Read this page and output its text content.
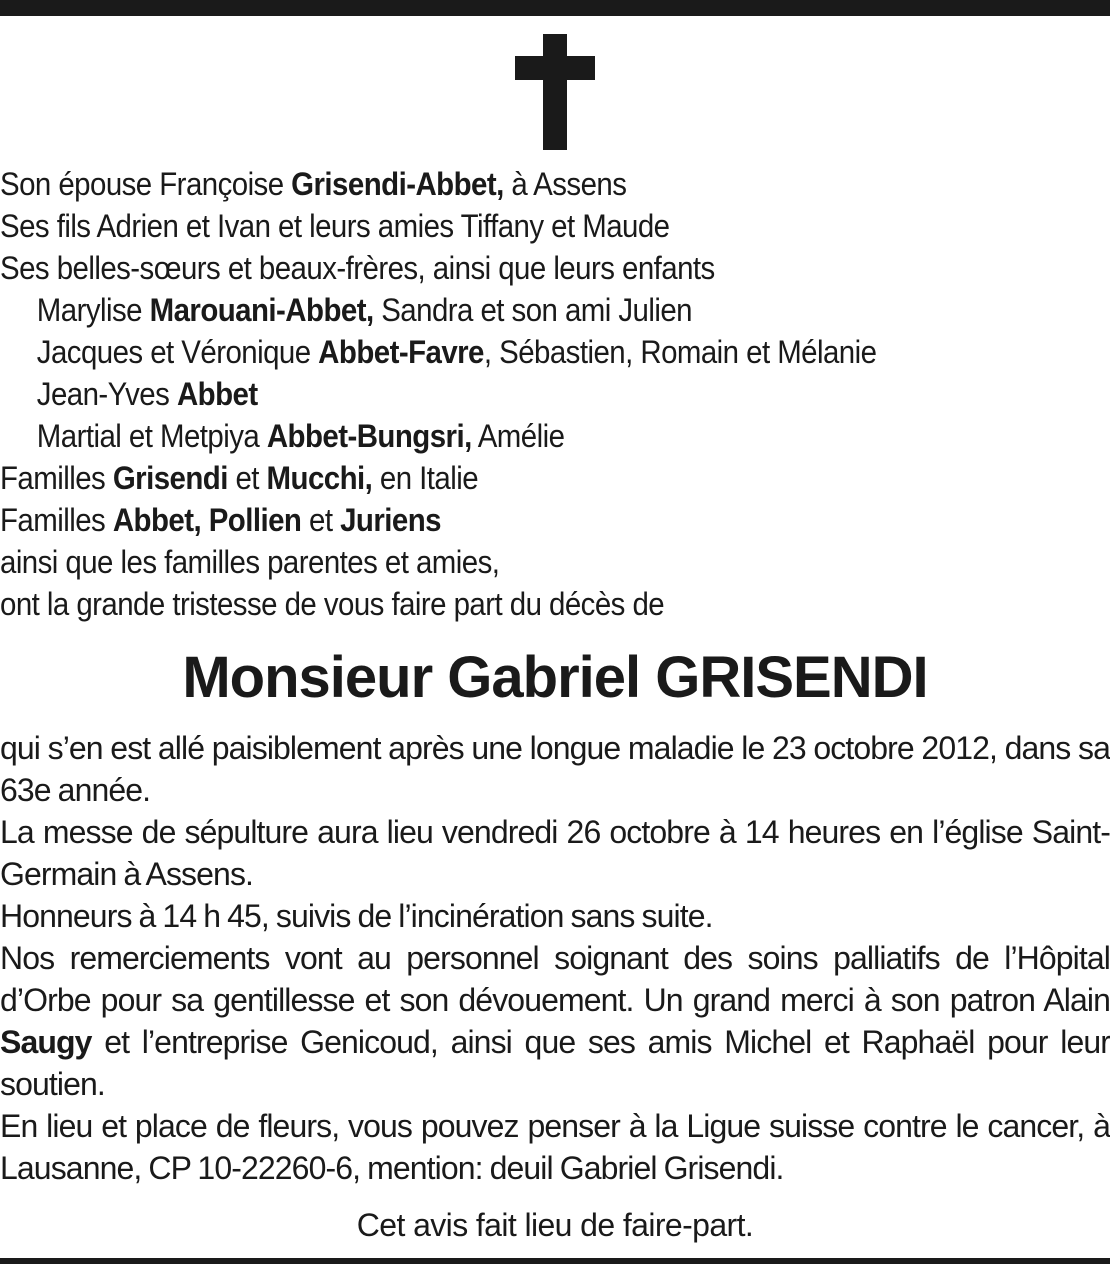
Son épouse Françoise Grisendi-Abbet, à Assens
Ses fils Adrien et Ivan et leurs amies Tiffany et Maude
Ses belles-sœurs et beaux-frères, ainsi que leurs enfants
Marylise Marouani-Abbet, Sandra et son ami Julien
Jacques et Véronique Abbet-Favre, Sébastien, Romain et Mélanie
Jean-Yves Abbet
Martial et Metpiya Abbet-Bungsri, Amélie
Familles Grisendi et Mucchi, en Italie
Familles Abbet, Pollien et Juriens
ainsi que les familles parentes et amies,
ont la grande tristesse de vous faire part du décès de
Monsieur Gabriel GRISENDI
qui s’en est allé paisiblement après une longue maladie le 23 octobre 2012, dans sa 63e année.
La messe de sépulture aura lieu vendredi 26 octobre à 14 heures en l’église Saint-Germain à Assens.
Honneurs à 14 h 45, suivis de l’incinération sans suite.
Nos remerciements vont au personnel soignant des soins palliatifs de l’Hôpital d’Orbe pour sa gentillesse et son dévouement. Un grand merci à son patron Alain Saugy et l’entreprise Genicoud, ainsi que ses amis Michel et Raphaël pour leur soutien.
En lieu et place de fleurs, vous pouvez penser à la Ligue suisse contre le cancer, à Lausanne, CP 10-22260-6, mention: deuil Gabriel Grisendi.
Cet avis fait lieu de faire-part.
